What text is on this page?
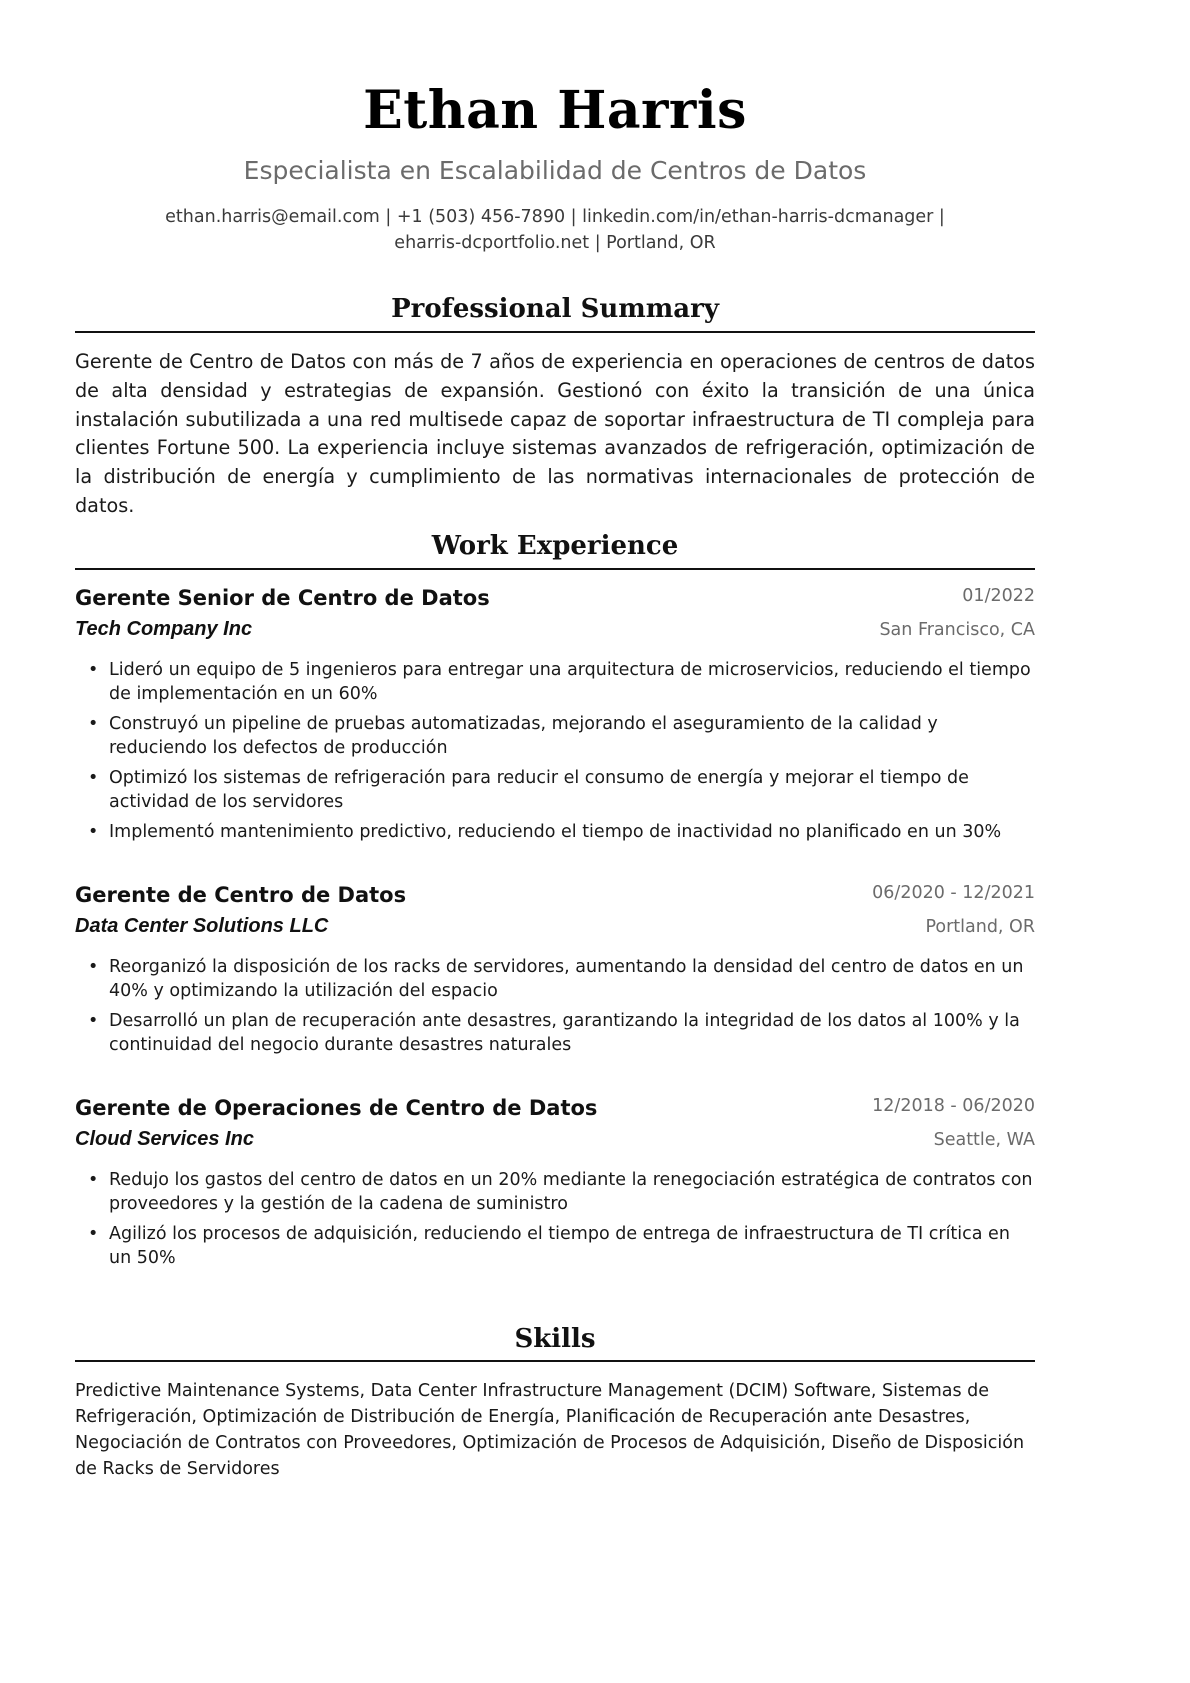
Ethan Harris
Especialista en Escalabilidad de Centros de Datos
ethan.harris@email.com | +1 (503) 456-7890 | linkedin.com/in/ethan-harris-dcmanager |
eharris-dcportfolio.net | Portland, OR
Professional Summary
Gerente de Centro de Datos con más de 7 años de experiencia en operaciones de centros de datos de alta densidad y estrategias de expansión. Gestionó con éxito la transición de una única instalación subutilizada a una red multisede capaz de soportar infraestructura de TI compleja para clientes Fortune 500. La experiencia incluye sistemas avanzados de refrigeración, optimización de la distribución de energía y cumplimiento de las normativas internacionales de protección de datos.
Work Experience
Gerente Senior de Centro de Datos	01/2022
Tech Company Inc	San Francisco, CA
• Lideró un equipo de 5 ingenieros para entregar una arquitectura de microservicios, reduciendo el tiempo de implementación en un 60%
• Construyó un pipeline de pruebas automatizadas, mejorando el aseguramiento de la calidad y reduciendo los defectos de producción
• Optimizó los sistemas de refrigeración para reducir el consumo de energía y mejorar el tiempo de actividad de los servidores
• Implementó mantenimiento predictivo, reduciendo el tiempo de inactividad no planificado en un 30%
Gerente de Centro de Datos	06/2020 - 12/2021
Data Center Solutions LLC	Portland, OR
• Reorganizó la disposición de los racks de servidores, aumentando la densidad del centro de datos en un 40% y optimizando la utilización del espacio
• Desarrolló un plan de recuperación ante desastres, garantizando la integridad de los datos al 100% y la continuidad del negocio durante desastres naturales
Gerente de Operaciones de Centro de Datos	12/2018 - 06/2020
Cloud Services Inc	Seattle, WA
• Redujo los gastos del centro de datos en un 20% mediante la renegociación estratégica de contratos con proveedores y la gestión de la cadena de suministro
• Agilizó los procesos de adquisición, reduciendo el tiempo de entrega de infraestructura de TI crítica en un 50%
Skills
Predictive Maintenance Systems, Data Center Infrastructure Management (DCIM) Software, Sistemas de Refrigeración, Optimización de Distribución de Energía, Planificación de Recuperación ante Desastres, Negociación de Contratos con Proveedores, Optimización de Procesos de Adquisición, Diseño de Disposición de Racks de Servidores
